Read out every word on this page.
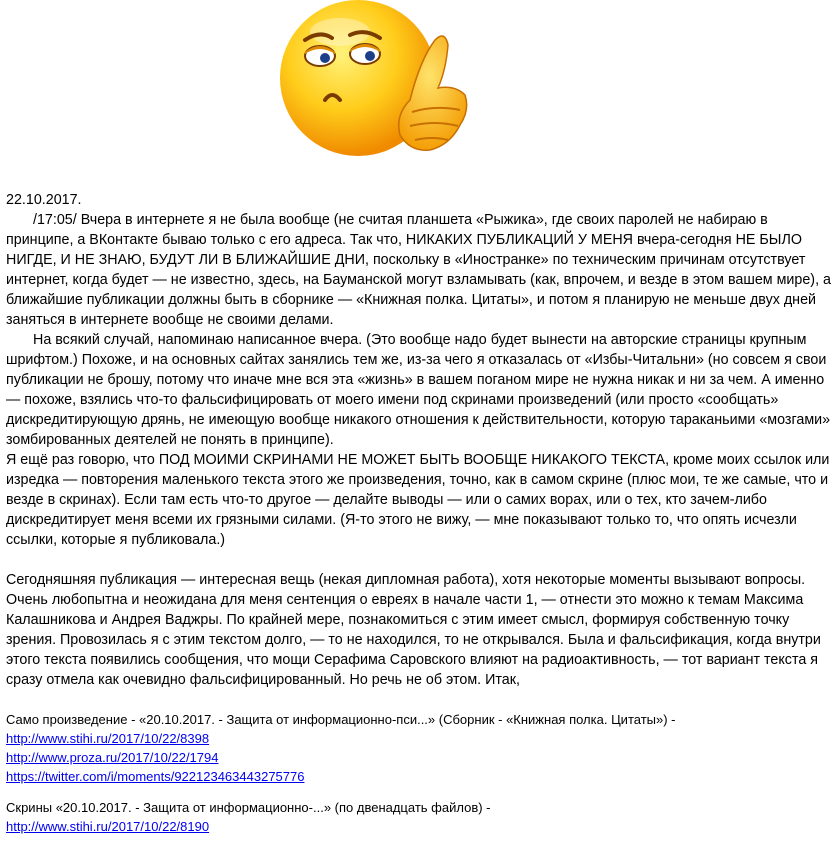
22.10.2017.

/17:05/ Вчера в интернете я не была вообще (не считая планшета «Рыжика», где своих паролей не набираю в принципе, а ВКонтакте бываю только с его адреса. Так что, НИКАКИХ ПУБЛИКАЦИЙ У МЕНЯ вчера-сегодня НЕ БЫЛО НИГДЕ, И НЕ ЗНАЮ, БУДУТ ЛИ В БЛИЖАЙШИЕ ДНИ, поскольку в «Иностранке» по техническим причинам отсутствует интернет, когда будет — не известно, здесь, на Бауманской могут взламывать (как, впрочем, и везде в этом вашем мире), а ближайшие публикации должны быть в сборнике — «Книжная полка. Цитаты», и потом я планирую не меньше двух дней заняться в интернете вообще не своими делами.

На всякий случай, напоминаю написанное вчера. (Это вообще надо будет вынести на авторские страницы крупным шрифтом.) Похоже, и на основных сайтах занялись тем же, из-за чего я отказалась от «Избы-Читальни» (но совсем я свои публикации не брошу, потому что иначе мне вся эта «жизнь» в вашем поганом мире не нужна никак и ни за чем. А именно — похоже, взялись что-то фальсифицировать от моего имени под скринами произведений (или просто «сообщать» дискредитирующую дрянь, не имеющую вообще никакого отношения к действительности, которую тараканьими «мозгами» зомбированных деятелей не понять в принципе).

Я ещё раз говорю, что ПОД МОИМИ СКРИНАМИ НЕ МОЖЕТ БЫТЬ ВООБЩЕ НИКАКОГО ТЕКСТА, кроме моих ссылок или изредка — повторения маленького текста этого же произведения, точно, как в самом скрине (плюс мои, те же самые, что и везде в скринах). Если там есть что-то другое — делайте выводы — или о самих ворах, или о тех, кто зачем-либо дискредитирует меня всеми их грязными силами. (Я-то этого не вижу, — мне показывают только то, что опять исчезли ссылки, которые я публиковала.)

Сегодняшняя публикация — интересная вещь (некая дипломная работа), хотя некоторые моменты вызывают вопросы. Очень любопытна и неожидана для меня сентенция о евреях в начале части 1, — отнести это можно к темам Максима Калашникова и Андрея Ваджры. По крайней мере, познакомиться с этим имеет смысл, формируя собственную точку зрения. Провозилась я с этим текстом долго, — то не находился, то не открывался. Была и фальсификация, когда внутри этого текста появились сообщения, что мощи Серафима Саровского влияют на радиоактивность, — тот вариант текста я сразу отмела как очевидно фальсифицированный. Но речь не об этом. Итак,

Само произведение - «20.10.2017. - Защита от информационно-пси...» (Сборник - «Книжная полка. Цитаты») -

http://www.stihi.ru/2017/10/22/8398
http://www.proza.ru/2017/10/22/1794
https://twitter.com/i/moments/922123463443275776

Скрины «20.10.2017. - Защита от информационно-...» (по двенадцать файлов) -

http://www.stihi.ru/2017/10/22/8190
